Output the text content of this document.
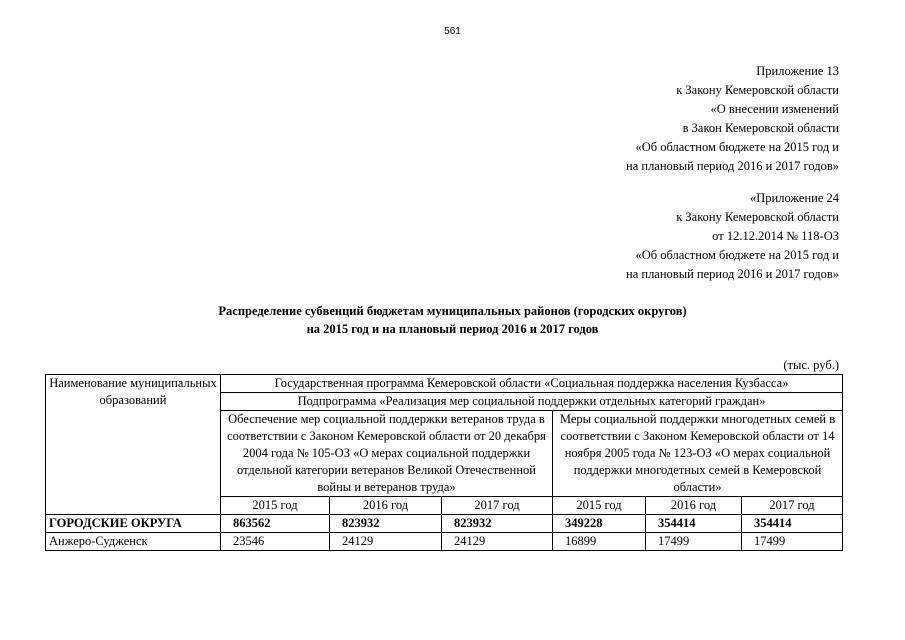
561
Приложение 13
к Закону Кемеровской области
«О внесении изменений
в Закон Кемеровской области
«Об областном бюджете на 2015 год и
на плановый период 2016 и 2017 годов»
«Приложение 24
к Закону Кемеровской области
от 12.12.2014 № 118-ОЗ
«Об областном бюджете на 2015 год и
на плановый период 2016 и 2017 годов»
Распределение субвенций бюджетам муниципальных районов (городских округов)
на 2015 год и на плановый период 2016 и 2017 годов
(тыс. руб.)
Наименование муниципальных образований	Государственная программа Кемеровской области «Социальная поддержка населения Кузбасса»					
	Подпрограмма «Реализация мер социальной поддержки отдельных категорий граждан»					
	Обеспечение мер социальной поддержки ветеранов труда в соответствии с Законом Кемеровской области от 20 декабря 2004 года № 105-ОЗ «О мерах социальной поддержки отдельной категории ветеранов Великой Отечественной войны и ветеранов труда»			Меры социальной поддержки многодетных семей в соответствии с Законом Кемеровской области от 14 ноября 2005 года № 123-ОЗ «О мерах социальной поддержки многодетных семей в Кемеровской области»		
	2015 год	2016 год	2017 год	2015 год	2016 год	2017 год
ГОРОДСКИЕ ОКРУГА	863562	823932	823932	349228	354414	354414
Анжеро-Судженск	23546	24129	24129	16899	17499	17499
